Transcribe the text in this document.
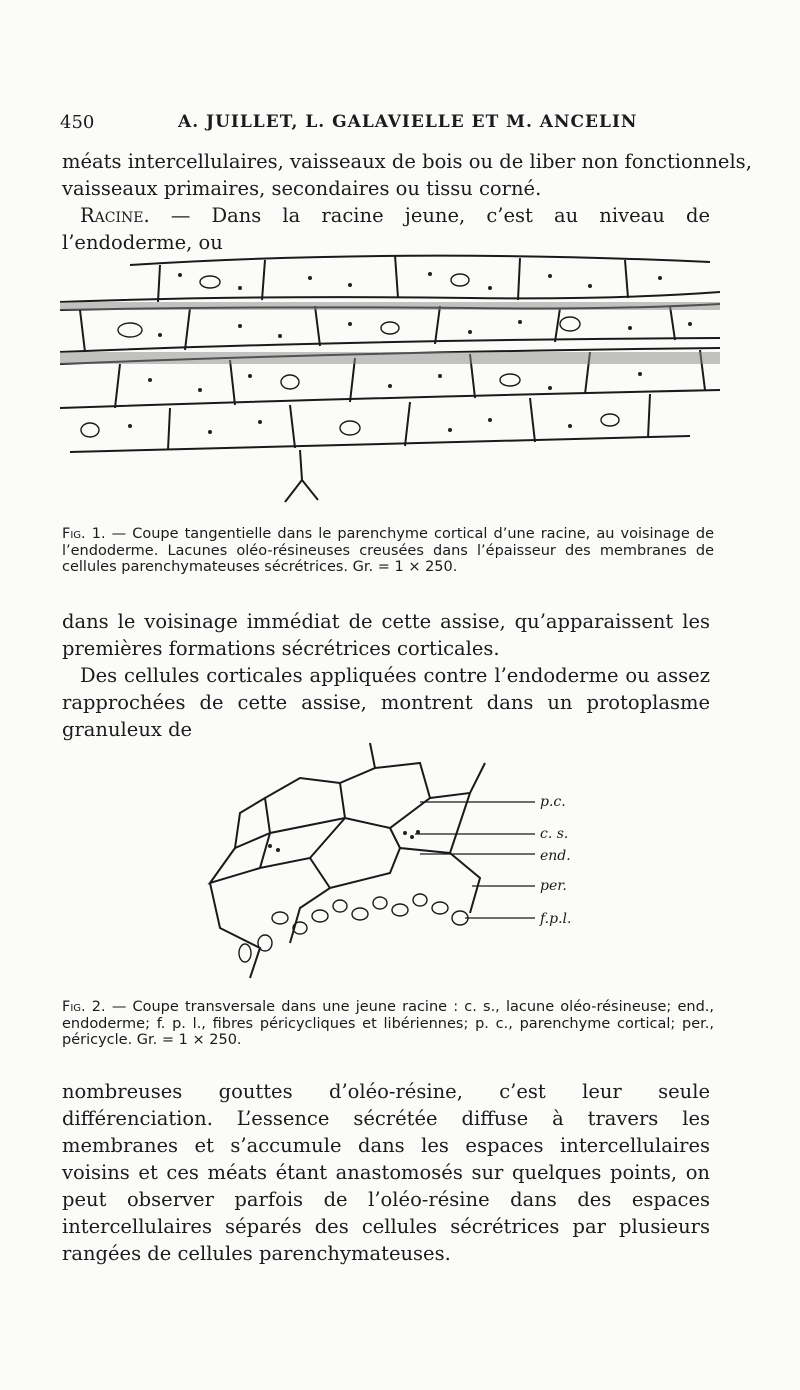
450	A. JUILLET, L. GALAVIELLE ET M. ANCELIN
méats intercellulaires, vaisseaux de bois ou de liber non fonctionnels,
vaisseaux primaires, secondaires ou tissu corné.
Racine. — Dans la racine jeune, c’est au niveau de l’endoderme, ou
Fig. 1. — Coupe tangentielle dans le parenchyme cortical d’une racine, au voisinage de l’endoderme. Lacunes oléo-résineuses creusées dans l’épaisseur des membranes de cellules parenchymateuses sécrétrices. Gr. = 1 × 250.
dans le voisinage immédiat de cette assise, qu’apparaissent les premières formations sécrétrices corticales.
Des cellules corticales appliquées contre l’endoderme ou assez rapprochées de cette assise, montrent dans un protoplasme granuleux de
p.c.
c. s.
end.
per.
f.p.l.
Fig. 2. — Coupe transversale dans une jeune racine : c. s., lacune oléo-résineuse; end., endoderme; f. p. l., fibres péricycliques et libériennes; p. c., parenchyme cortical; per., péricycle. Gr. = 1 × 250.
nombreuses gouttes d’oléo-résine, c’est leur seule différenciation. L’essence sécrétée diffuse à travers les membranes et s’accumule dans les espaces intercellulaires voisins et ces méats étant anastomosés sur quelques points, on peut observer parfois de l’oléo-résine dans des espaces intercellulaires séparés des cellules sécrétrices par plusieurs rangées de cellules parenchymateuses.
